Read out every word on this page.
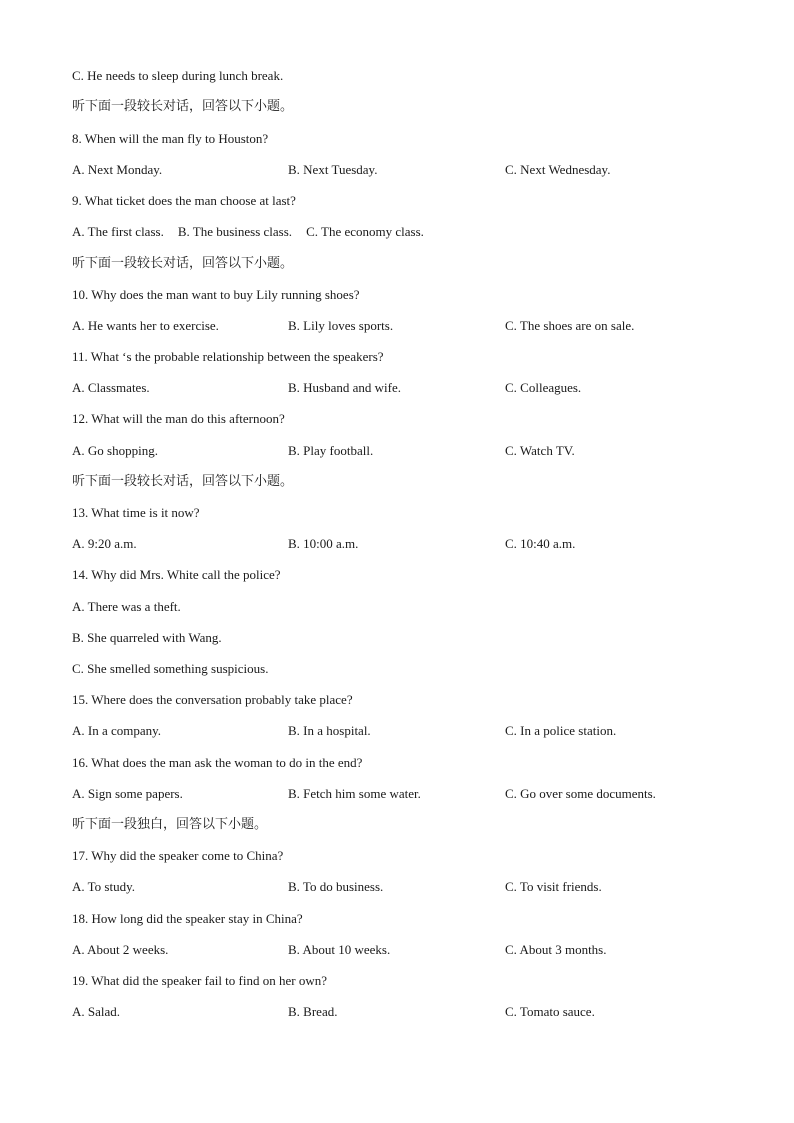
C. He needs to sleep during lunch break.
听下面一段较长对话，回答以下小题。
8. When will the man fly to Houston?
A. Next Monday.	B. Next Tuesday.	C. Next Wednesday.
9. What ticket does the man choose at last?
A. The first class. B. The business class. C. The economy class.
听下面一段较长对话，回答以下小题。
10. Why does the man want to buy Lily running shoes?
A. He wants her to exercise.	B. Lily loves sports.	C. The shoes are on sale.
11. What ‘s the probable relationship between the speakers?
A. Classmates.	B. Husband and wife.	C. Colleagues.
12. What will the man do this afternoon?
A. Go shopping.	B. Play football.	C. Watch TV.
听下面一段较长对话，回答以下小题。
13. What time is it now?
A. 9:20 a.m.	B. 10:00 a.m.	C. 10:40 a.m.
14. Why did Mrs. White call the police?
A. There was a theft.
B. She quarreled with Wang.
C. She smelled something suspicious.
15. Where does the conversation probably take place?
A. In a company.	B. In a hospital.	C. In a police station.
16. What does the man ask the woman to do in the end?
A. Sign some papers.	B. Fetch him some water.	C. Go over some documents.
听下面一段独白，回答以下小题。
17. Why did the speaker come to China?
A. To study.	B. To do business.	C. To visit friends.
18. How long did the speaker stay in China?
A. About 2 weeks.	B. About 10 weeks.	C. About 3 months.
19. What did the speaker fail to find on her own?
A. Salad.	B. Bread.	C. Tomato sauce.
